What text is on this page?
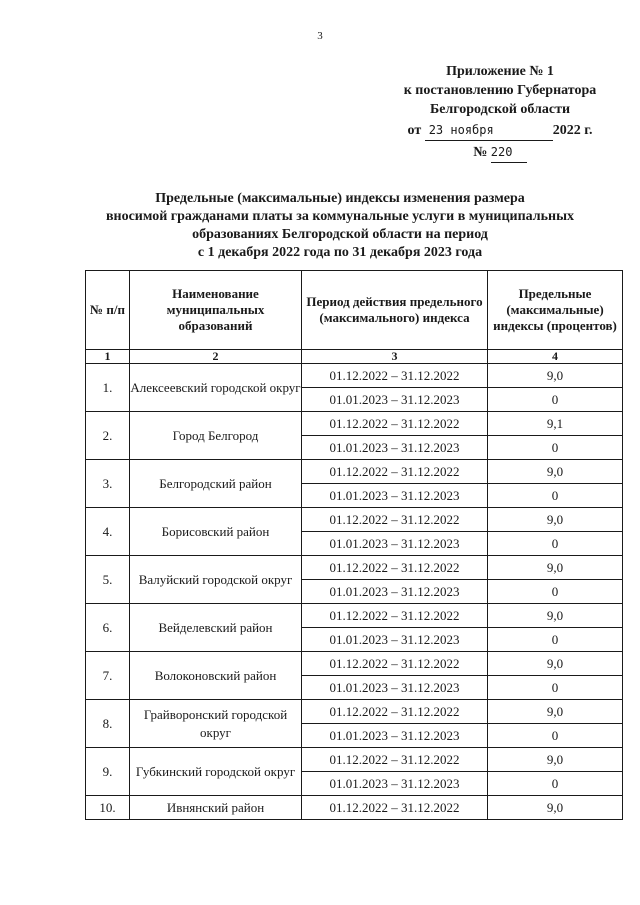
3
Приложение № 1
к постановлению Губернатора
Белгородской области
от 23 ноября	2022 г.
№ 220
Предельные (максимальные) индексы изменения размера
вносимой гражданами платы за коммунальные услуги в муниципальных
образованиях Белгородской области на период
с 1 декабря 2022 года по 31 декабря 2023 года
№ п/п	Наименование муниципальных образований	Период действия предельного (максимального) индекса	Предельные (максимальные) индексы (процентов)
1	2	3	4
1.	Алексеевский городской округ	01.12.2022 – 31.12.2022	9,0
		01.01.2023 – 31.12.2023	0
2.	Город Белгород	01.12.2022 – 31.12.2022	9,1
		01.01.2023 – 31.12.2023	0
3.	Белгородский район	01.12.2022 – 31.12.2022	9,0
		01.01.2023 – 31.12.2023	0
4.	Борисовский район	01.12.2022 – 31.12.2022	9,0
		01.01.2023 – 31.12.2023	0
5.	Валуйский городской округ	01.12.2022 – 31.12.2022	9,0
		01.01.2023 – 31.12.2023	0
6.	Вейделевский район	01.12.2022 – 31.12.2022	9,0
		01.01.2023 – 31.12.2023	0
7.	Волоконовский район	01.12.2022 – 31.12.2022	9,0
		01.01.2023 – 31.12.2023	0
8.	Грайворонский городской округ	01.12.2022 – 31.12.2022	9,0
		01.01.2023 – 31.12.2023	0
9.	Губкинский городской округ	01.12.2022 – 31.12.2022	9,0
		01.01.2023 – 31.12.2023	0
10.	Ивнянский район	01.12.2022 – 31.12.2022	9,0
